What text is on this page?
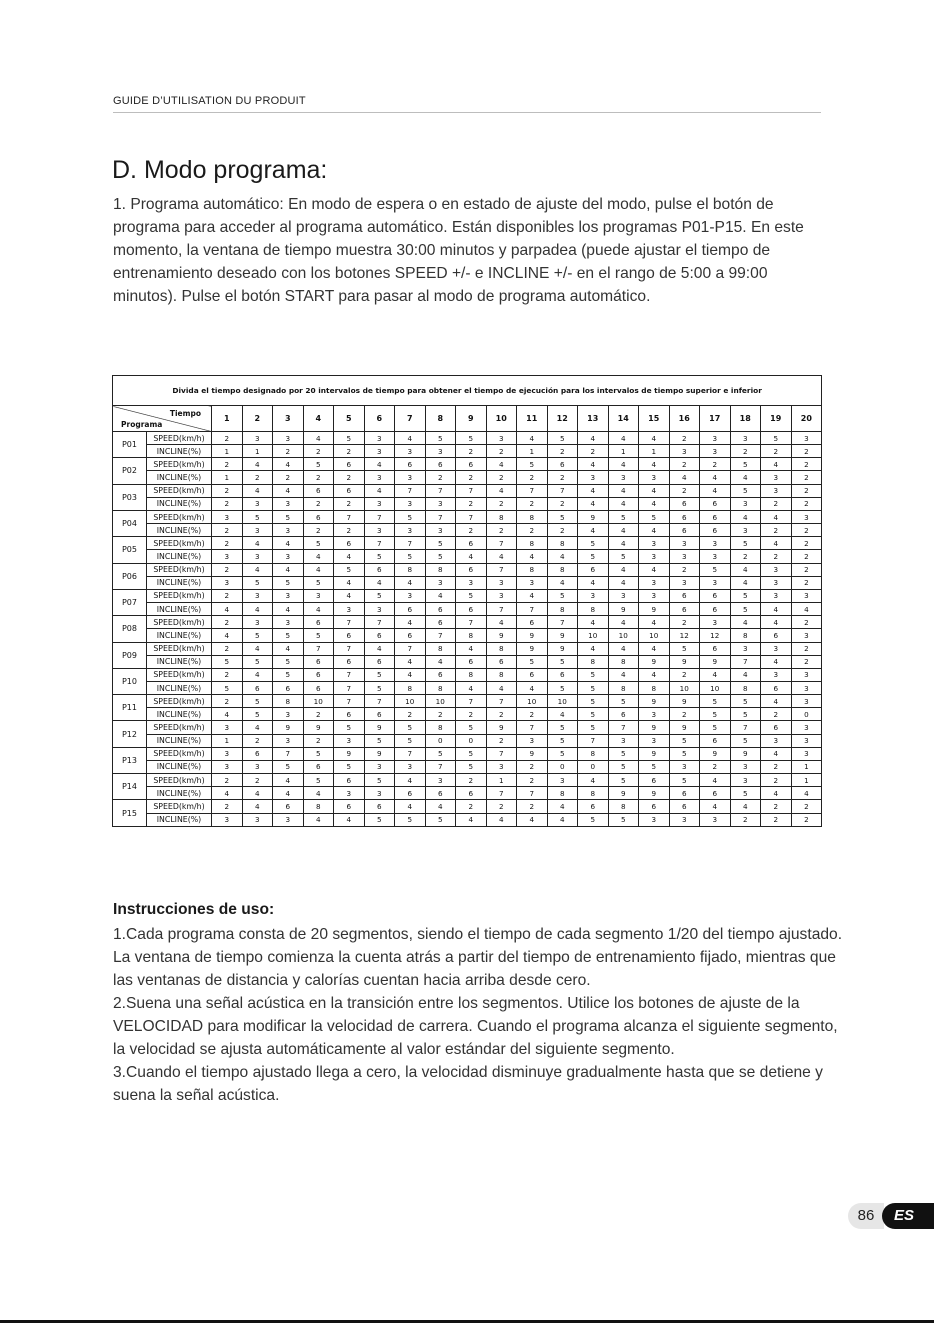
GUIDE D’UTILISATION DU PRODUIT
D. Modo programa:

1. Programa automático: En modo de espera o en estado de ajuste del modo, pulse el botón de programa para acceder al programa automático. Están disponibles los programas P01-P15. En este momento, la ventana de tiempo muestra 30:00 minutos y parpadea (puede ajustar el tiempo de entrenamiento deseado con los botones SPEED +/- e INCLINE +/- en el rango de 5:00 a 99:00 minutos). Pulse el botón START para pasar al modo de programa automático.

Divida el tiempo designado por 20 intervalos de tiempo para obtener el tiempo de ejecución para los intervalos de tiempo superior e inferior																					

Tiempo
Programa		1	2	3	4	5	6	7	8	9	10	11	12	13	14	15	16	17	18	19	20
P01	SPEED(km/h)	2	3	3	4	5	3	4	5	5	3	4	5	4	4	4	2	3	3	5	3
	INCLINE(%)	1	1	2	2	2	3	3	3	2	2	1	2	2	1	1	3	3	2	2	2
P02	SPEED(km/h)	2	4	4	5	6	4	6	6	6	4	5	6	4	4	4	2	2	5	4	2
	INCLINE(%)	1	2	2	2	2	3	3	2	2	2	2	2	3	3	3	4	4	4	3	2
P03	SPEED(km/h)	2	4	4	6	6	4	7	7	7	4	7	7	4	4	4	2	4	5	3	2
	INCLINE(%)	2	3	3	2	2	3	3	3	2	2	2	2	4	4	4	6	6	3	2	2
P04	SPEED(km/h)	3	5	5	6	7	7	5	7	7	8	8	5	9	5	5	6	6	4	4	3
	INCLINE(%)	2	3	3	2	2	3	3	3	2	2	2	2	4	4	4	6	6	3	2	2
P05	SPEED(km/h)	2	4	4	5	6	7	7	5	6	7	8	8	5	4	3	3	3	5	4	2
	INCLINE(%)	3	3	3	4	4	5	5	5	4	4	4	4	5	5	3	3	3	2	2	2
P06	SPEED(km/h)	2	4	4	4	5	6	8	8	6	7	8	8	6	4	4	2	5	4	3	2
	INCLINE(%)	3	5	5	5	4	4	4	3	3	3	3	4	4	4	3	3	3	4	3	2
P07	SPEED(km/h)	2	3	3	3	4	5	3	4	5	3	4	5	3	3	3	6	6	5	3	3
	INCLINE(%)	4	4	4	4	3	3	6	6	6	7	7	8	8	9	9	6	6	5	4	4
P08	SPEED(km/h)	2	3	3	6	7	7	4	6	7	4	6	7	4	4	4	2	3	4	4	2
	INCLINE(%)	4	5	5	5	6	6	6	7	8	9	9	9	10	10	10	12	12	8	6	3
P09	SPEED(km/h)	2	4	4	7	7	4	7	8	4	8	9	9	4	4	4	5	6	3	3	2
	INCLINE(%)	5	5	5	6	6	6	4	4	6	6	5	5	8	8	9	9	9	7	4	2
P10	SPEED(km/h)	2	4	5	6	7	5	4	6	8	8	6	6	5	4	4	2	4	4	3	3
	INCLINE(%)	5	6	6	6	7	5	8	8	4	4	4	5	5	8	8	10	10	8	6	3
P11	SPEED(km/h)	2	5	8	10	7	7	10	10	7	7	10	10	5	5	9	9	5	5	4	3
	INCLINE(%)	4	5	3	2	6	6	2	2	2	2	2	4	5	6	3	2	5	5	2	0
P12	SPEED(km/h)	3	4	9	9	5	9	5	8	5	9	7	5	5	7	9	9	5	7	6	3
	INCLINE(%)	1	2	3	2	3	5	5	0	0	2	3	5	7	3	3	5	6	5	3	3
P13	SPEED(km/h)	3	6	7	5	9	9	7	5	5	7	9	5	8	5	9	5	9	9	4	3
	INCLINE(%)	3	3	5	6	5	3	3	7	5	3	2	0	0	5	5	3	2	3	2	1
P14	SPEED(km/h)	2	2	4	5	6	5	4	3	2	1	2	3	4	5	6	5	4	3	2	1
	INCLINE(%)	4	4	4	4	3	3	6	6	6	7	7	8	8	9	9	6	6	5	4	4
P15	SPEED(km/h)	2	4	6	8	6	6	4	4	2	2	2	4	6	8	6	6	4	4	2	2
	INCLINE(%)	3	3	3	4	4	5	5	5	4	4	4	4	5	5	3	3	3	2	2	2
Instrucciones de uso:

1.Cada programa consta de 20 segmentos, siendo el tiempo de cada segmento 1/20 del tiempo ajustado. La ventana de tiempo comienza la cuenta atrás a partir del tiempo de entrenamiento fijado, mientras que las ventanas de distancia y calorías cuentan hacia arriba desde cero.

2.Suena una señal acústica en la transición entre los segmentos. Utilice los botones de ajuste de la VELOCIDAD para modificar la velocidad de carrera. Cuando el programa alcanza el siguiente segmento, la velocidad se ajusta automáticamente al valor estándar del siguiente segmento.

3.Cuando el tiempo ajustado llega a cero, la velocidad disminuye gradualmente hasta que se detiene y suena la señal acústica.

86	ES
